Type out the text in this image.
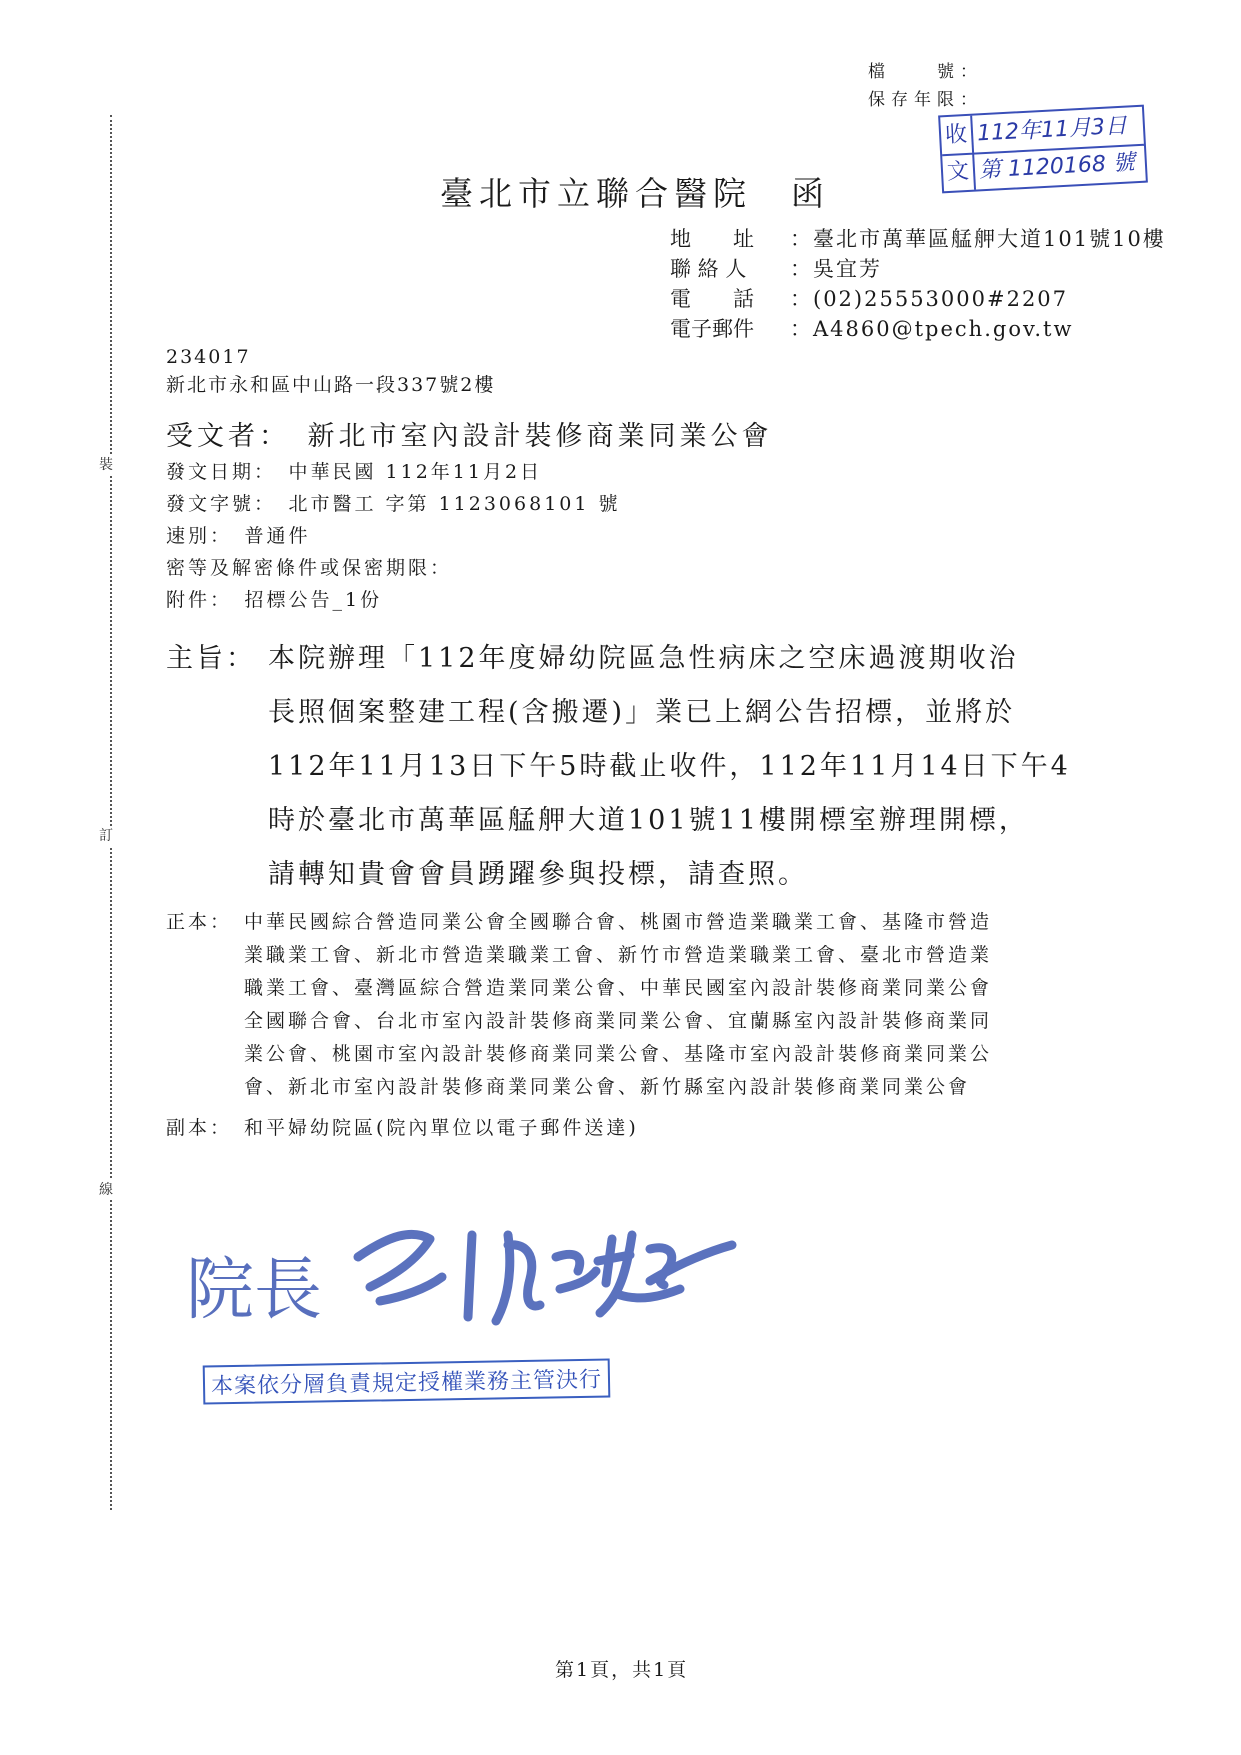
裝
訂
線
檔　　號：
保存年限：
收 112年11月3日
文 第 1120168 號
臺北市立聯合醫院　函
地　　址 ：臺北市萬華區艋舺大道101號10樓
聯 絡 人 ：吳宜芳
電　　話 ：(02)25553000#2207
電子郵件 ：A4860@tpech.gov.tw
234017
新北市永和區中山路一段337號2樓
受文者：　新北市室內設計裝修商業同業公會
發文日期：　中華民國 112年11月2日
發文字號：　北市醫工 字第 1123068101 號
速別：　普通件
密等及解密條件或保密期限：
附件：　招標公告_1份
主旨： 本院辦理「112年度婦幼院區急性病床之空床過渡期收治
長照個案整建工程(含搬遷)」業已上網公告招標，並將於
112年11月13日下午5時截止收件，112年11月14日下午4
時於臺北市萬華區艋舺大道101號11樓開標室辦理開標，
請轉知貴會會員踴躍參與投標，請查照。
正本： 中華民國綜合營造同業公會全國聯合會、桃園市營造業職業工會、基隆市營造
業職業工會、新北市營造業職業工會、新竹市營造業職業工會、臺北市營造業
職業工會、臺灣區綜合營造業同業公會、中華民國室內設計裝修商業同業公會
全國聯合會、台北市室內設計裝修商業同業公會、宜蘭縣室內設計裝修商業同
業公會、桃園市室內設計裝修商業同業公會、基隆市室內設計裝修商業同業公
會、新北市室內設計裝修商業同業公會、新竹縣室內設計裝修商業同業公會
副本： 和平婦幼院區(院內單位以電子郵件送達)
院長
本案依分層負責規定授權業務主管決行
第1頁，共1頁
